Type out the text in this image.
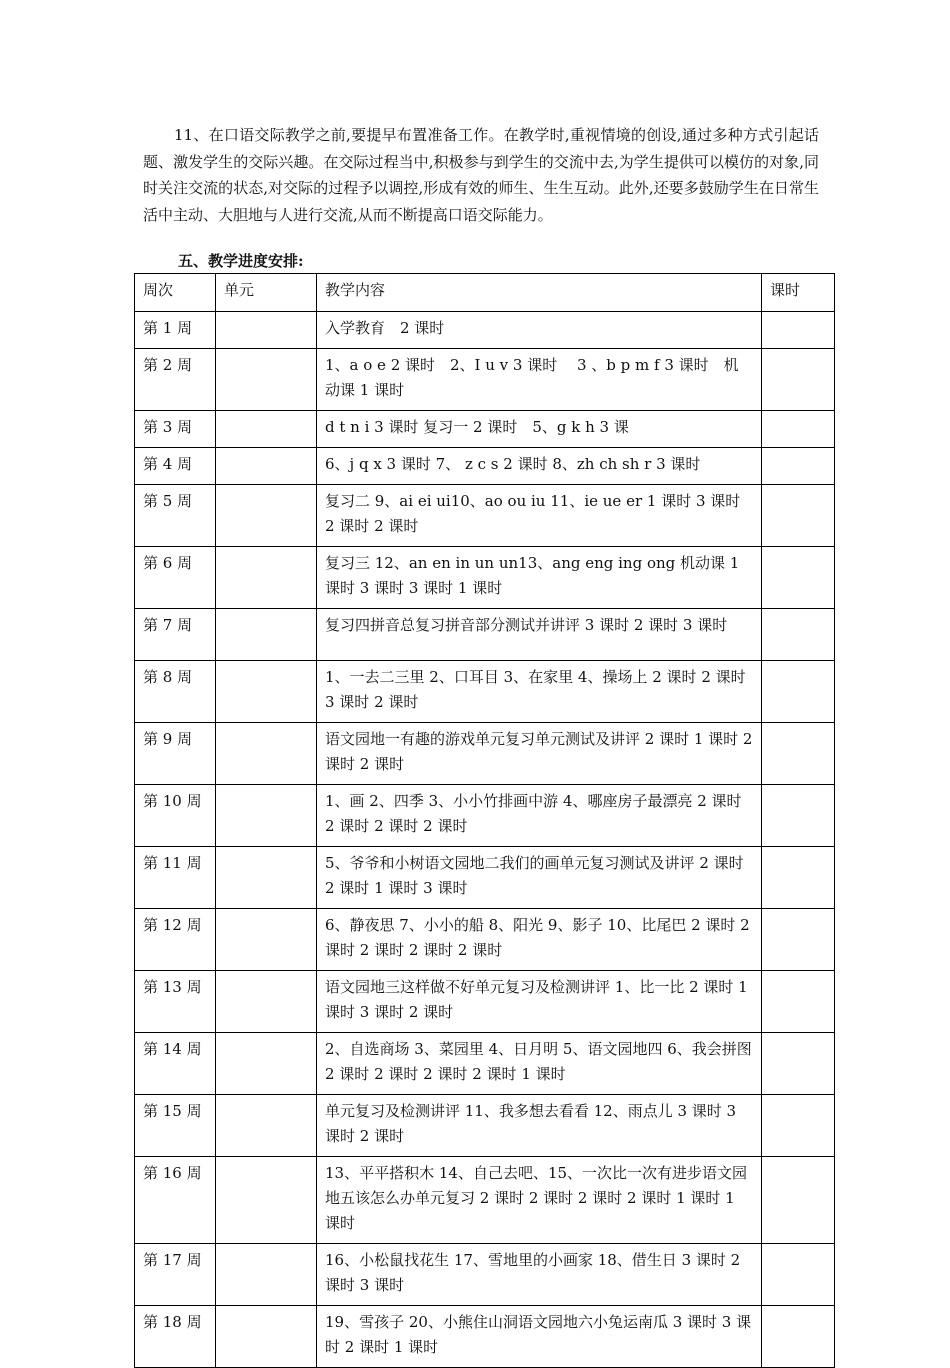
11、在口语交际教学之前,要提早布置准备工作。在教学时,重视情境的创设,通过多种方式引起话题、激发学生的交际兴趣。在交际过程当中,积极参与到学生的交流中去,为学生提供可以模仿的对象,同时关注交流的状态,对交际的过程予以调控,形成有效的师生、生生互动。此外,还要多鼓励学生在日常生活中主动、大胆地与人进行交流,从而不断提高口语交际能力。

五、教学进度安排:

周次	单元	教学内容	课时
第 1 周		入学教育　2 课时	
第 2 周		1、a o e 2 课时　2、I u v 3 课时　 3 、b p m f 3 课时　机动课 1 课时	
第 3 周		d t n i 3 课时 复习一 2 课时　5、g k h 3 课	
第 4 周		6、j q x 3 课时 7、 z c s 2 课时 8、zh ch sh r 3 课时	
第 5 周		复习二 9、ai ei ui10、ao ou iu 11、ie ue er 1 课时 3 课时 2 课时 2 课时	
第 6 周		复习三 12、an en in un un13、ang eng ing ong 机动课 1 课时 3 课时 3 课时 1 课时	
第 7 周		复习四拼音总复习拼音部分测试并讲评 3 课时 2 课时 3 课时	
第 8 周		1、一去二三里 2、口耳目 3、在家里 4、操场上 2 课时 2 课时 3 课时 2 课时	
第 9 周		语文园地一有趣的游戏单元复习单元测试及讲评 2 课时 1 课时 2 课时 2 课时	
第 10 周		1、画 2、四季 3、小小竹排画中游 4、哪座房子最漂亮 2 课时 2 课时 2 课时 2 课时	
第 11 周		5、爷爷和小树语文园地二我们的画单元复习测试及讲评 2 课时 2 课时 1 课时 3 课时	
第 12 周		6、静夜思 7、小小的船 8、阳光 9、影子 10、比尾巴 2 课时 2 课时 2 课时 2 课时 2 课时	
第 13 周		语文园地三这样做不好单元复习及检测讲评 1、比一比 2 课时 1 课时 3 课时 2 课时	
第 14 周		2、自选商场 3、菜园里 4、日月明 5、语文园地四 6、我会拼图 2 课时 2 课时 2 课时 2 课时 1 课时	
第 15 周		单元复习及检测讲评 11、我多想去看看 12、雨点儿 3 课时 3 课时 2 课时	
第 16 周		13、平平搭积木 14、自己去吧、15、一次比一次有进步语文园地五该怎么办单元复习 2 课时 2 课时 2 课时 2 课时 1 课时 1 课时	
第 17 周		16、小松鼠找花生 17、雪地里的小画家 18、借生日 3 课时 2 课时 3 课时	
第 18 周		19、雪孩子 20、小熊住山洞语文园地六小兔运南瓜 3 课时 3 课时 2 课时 1 课时	
